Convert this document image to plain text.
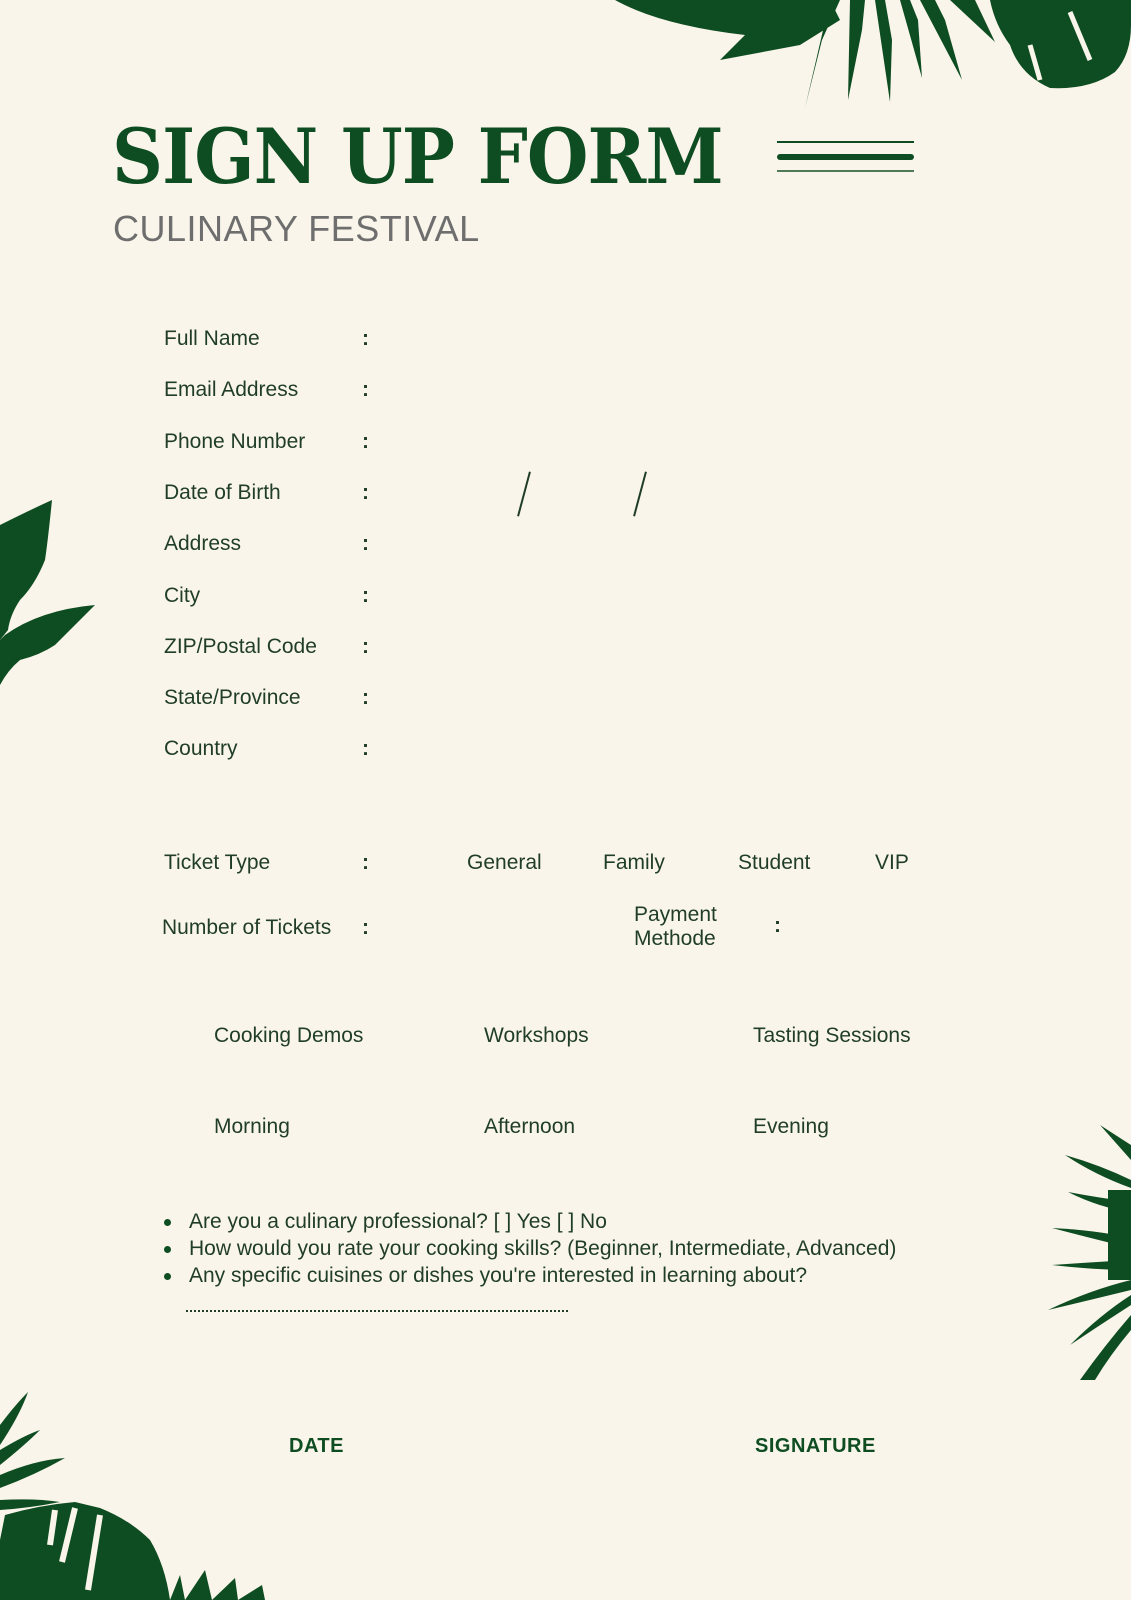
SIGN UP FORM
CULINARY FESTIVAL
Full Name	:
Email Address	:
Phone Number	:
Date of Birth	:
Address	:
City	:
ZIP/Postal Code :
State/Province	:
Country	:
Ticket Type	:	General	Family	Student	VIP
Number of Tickets :
Payment
Methode
:
Cooking Demos	Workshops	Tasting Sessions
Morning	Afternoon	Evening
Are you a culinary professional? [ ] Yes [ ] No
How would you rate your cooking skills? (Beginner, Intermediate, Advanced)
Any specific cuisines or dishes you're interested in learning about?
DATE	SIGNATURE
